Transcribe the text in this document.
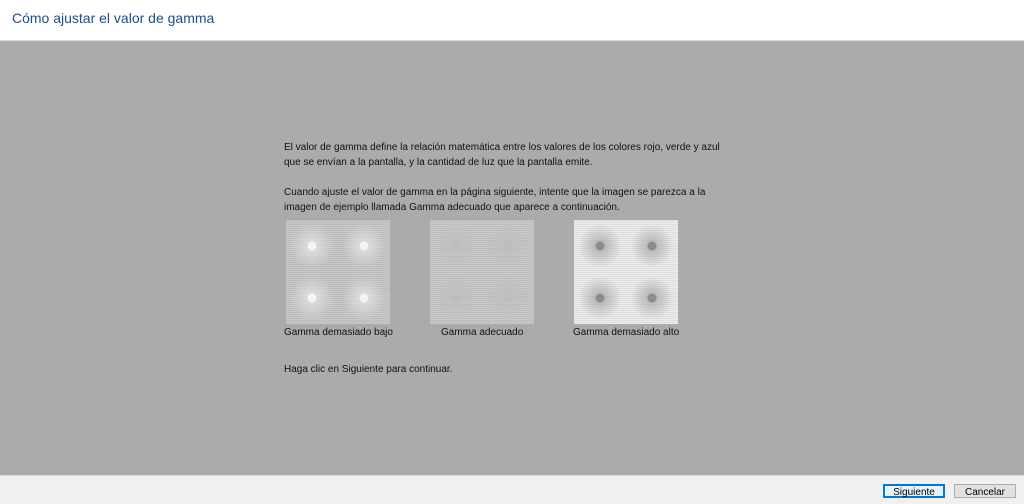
Cómo ajustar el valor de gamma
El valor de gamma define la relación matemática entre los valores de los colores rojo, verde y azul que se envían a la pantalla, y la cantidad de luz que la pantalla emite.
Cuando ajuste el valor de gamma en la página siguiente, intente que la imagen se parezca a la imagen de ejemplo llamada Gamma adecuado que aparece a continuación.
Gamma demasiado bajo	Gamma adecuado	Gamma demasiado alto
Haga clic en Siguiente para continuar.
Siguiente	Cancelar
